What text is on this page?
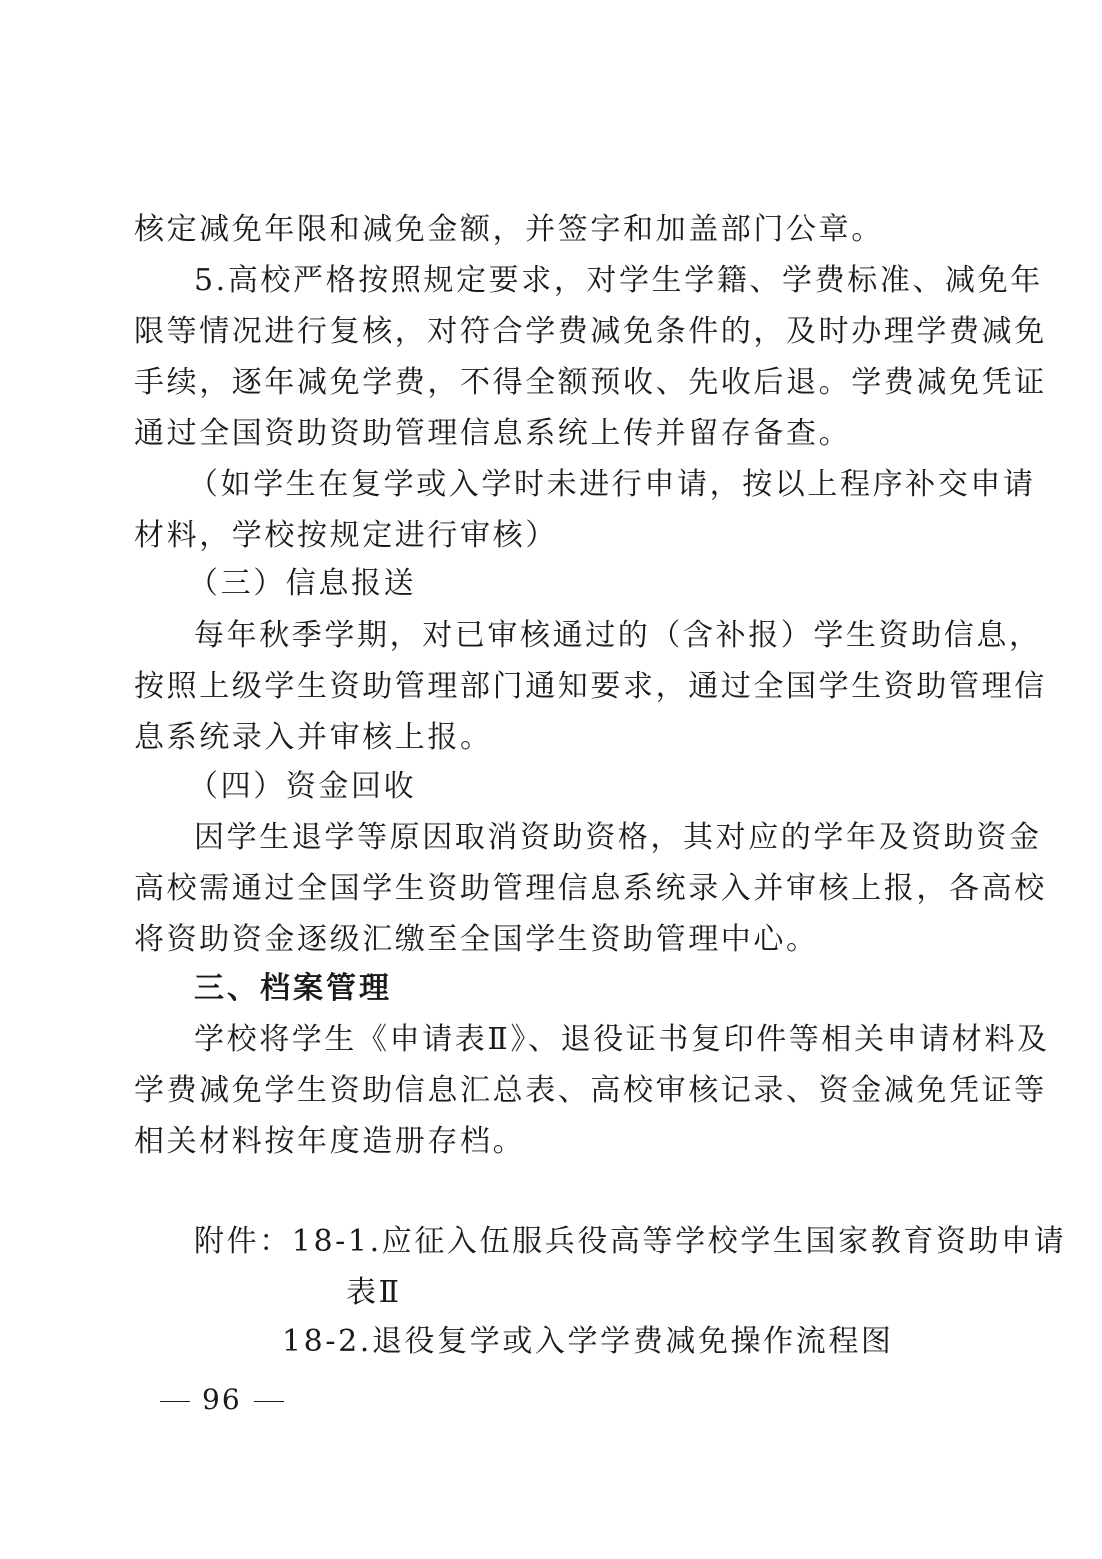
核定减免年限和减免金额，并签字和加盖部门公章。
5.高校严格按照规定要求，对学生学籍、学费标准、减免年
限等情况进行复核，对符合学费减免条件的，及时办理学费减免
手续，逐年减免学费，不得全额预收、先收后退。学费减免凭证
通过全国资助资助管理信息系统上传并留存备查。
（如学生在复学或入学时未进行申请，按以上程序补交申请
材料，学校按规定进行审核）
（三）信息报送
每年秋季学期，对已审核通过的（含补报）学生资助信息，
按照上级学生资助管理部门通知要求，通过全国学生资助管理信
息系统录入并审核上报。
（四）资金回收
因学生退学等原因取消资助资格，其对应的学年及资助资金
高校需通过全国学生资助管理信息系统录入并审核上报，各高校
将资助资金逐级汇缴至全国学生资助管理中心。
三、档案管理
学校将学生《申请表Ⅱ》、退役证书复印件等相关申请材料及
学费减免学生资助信息汇总表、高校审核记录、资金减免凭证等
相关材料按年度造册存档。
附件：18-1.应征入伍服兵役高等学校学生国家教育资助申请
表Ⅱ
18-2.退役复学或入学学费减免操作流程图
96
